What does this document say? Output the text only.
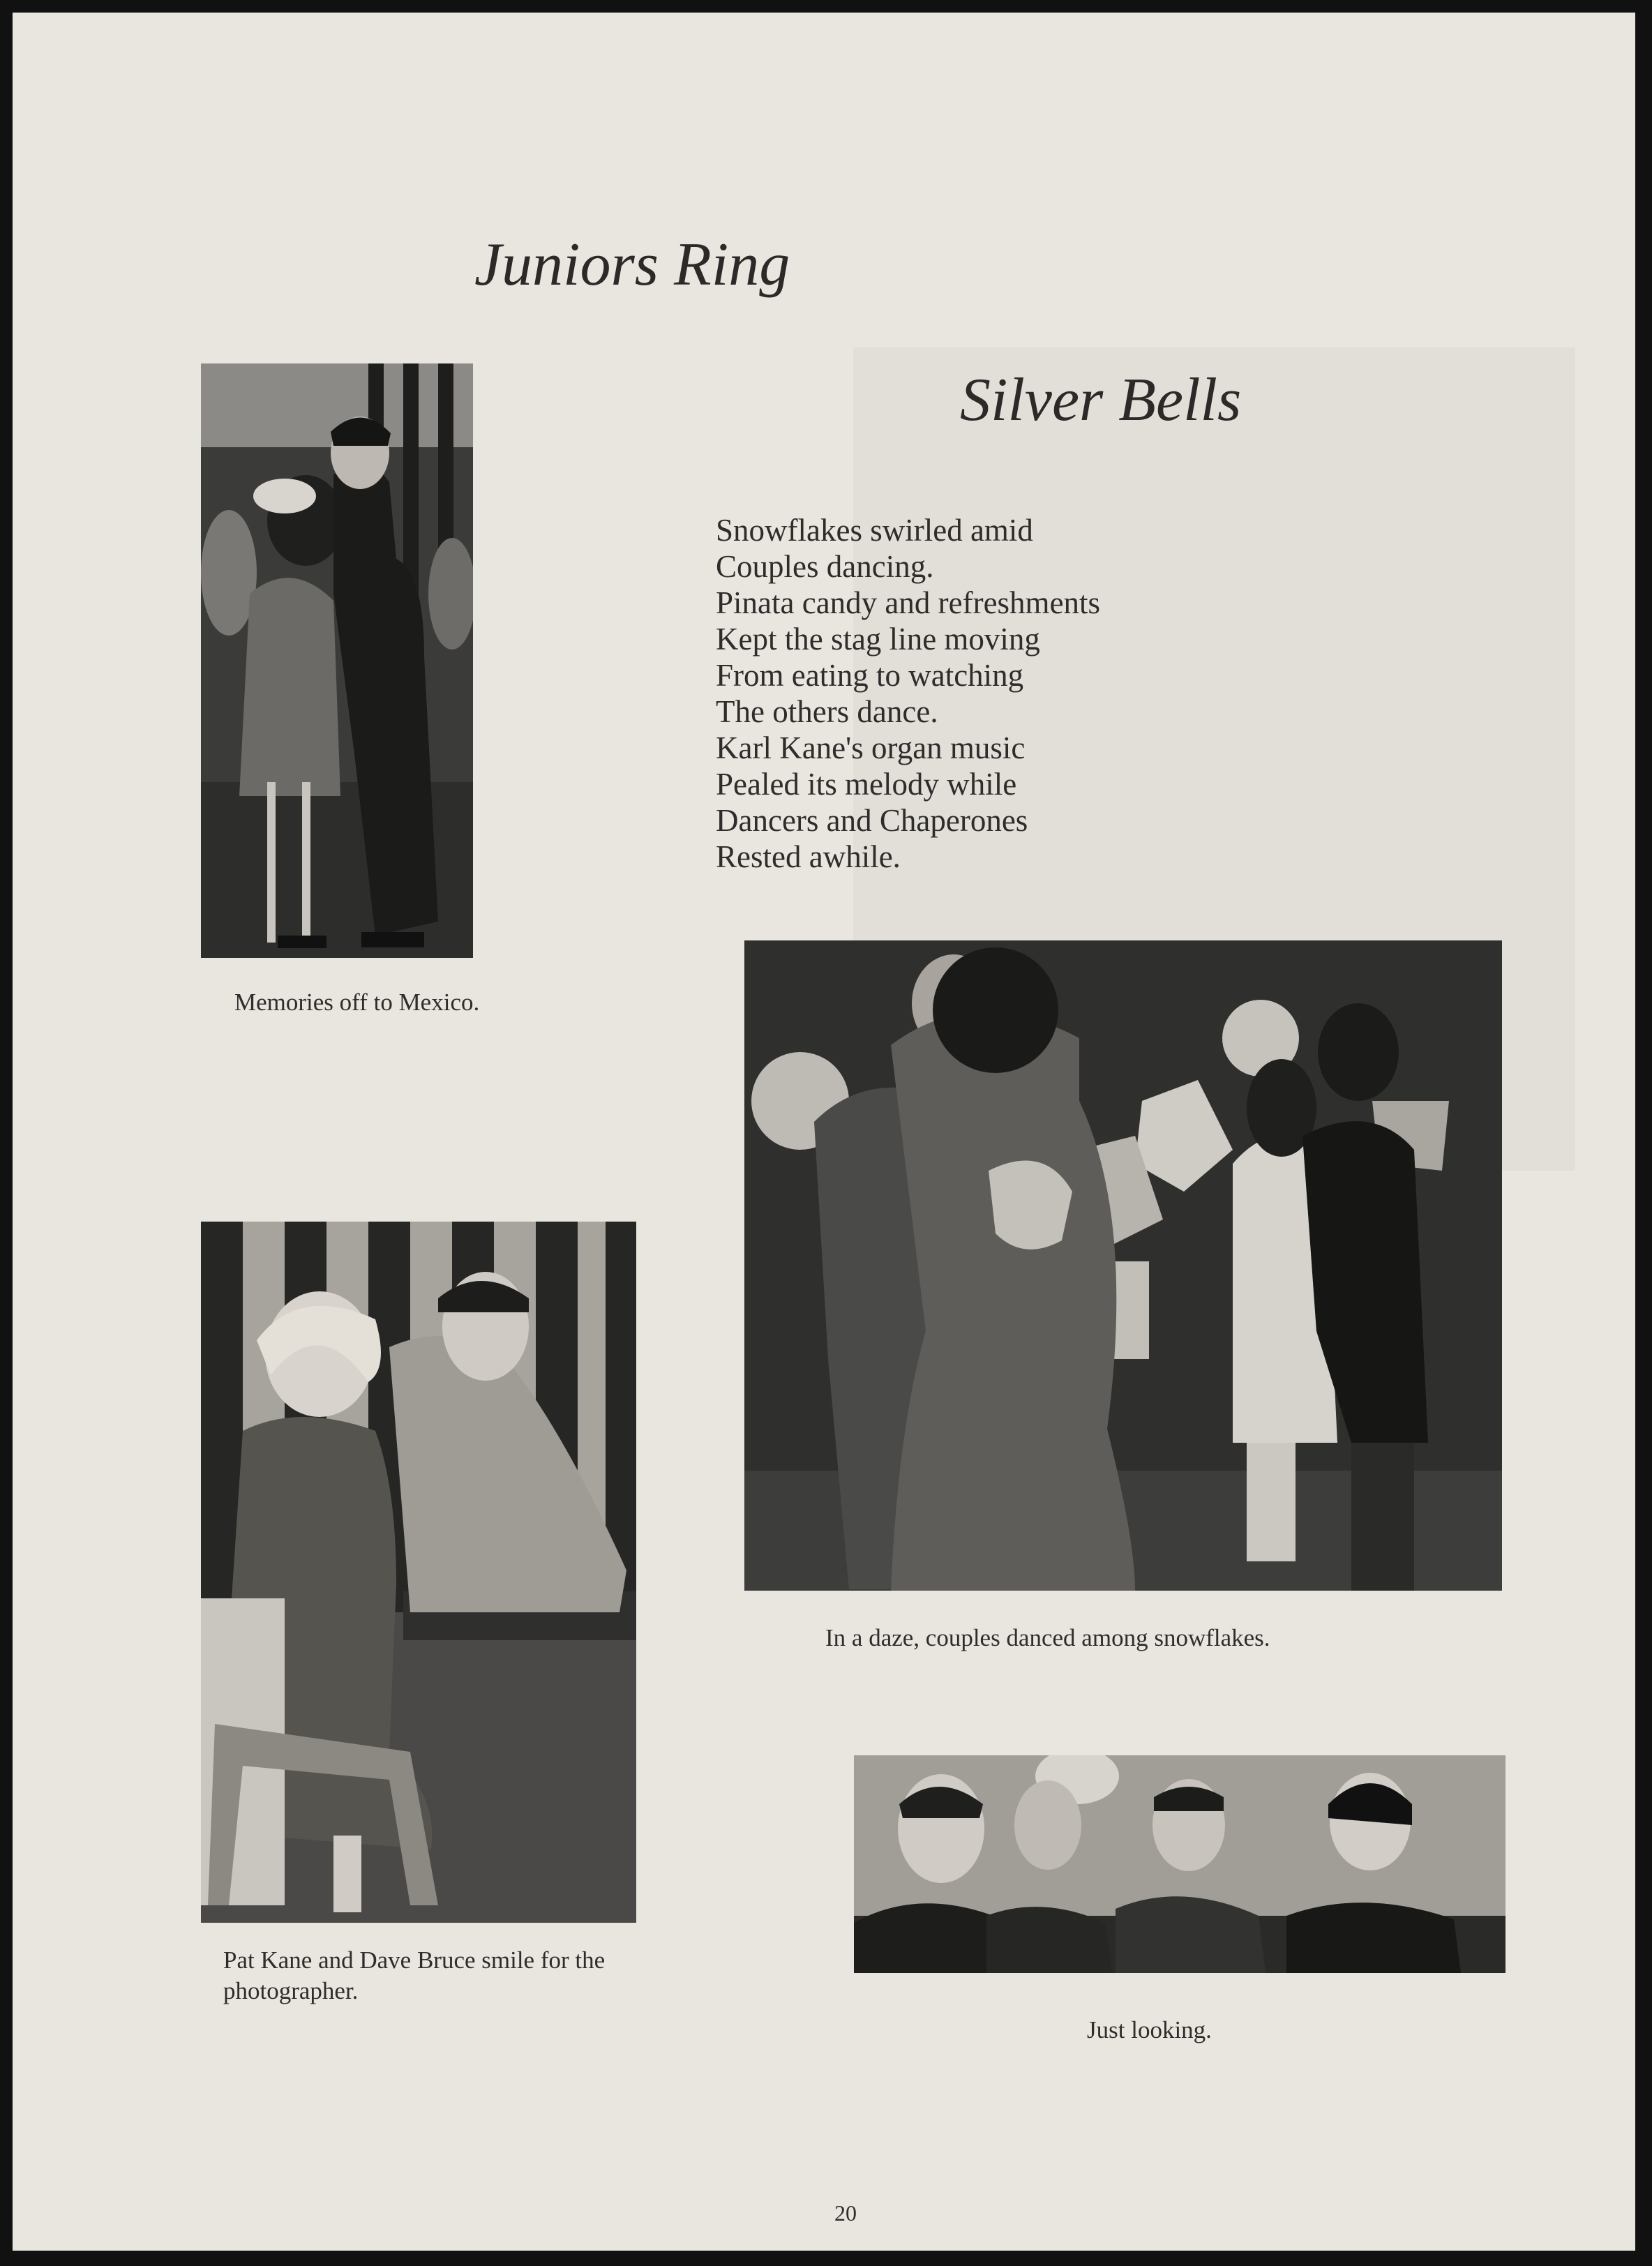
Juniors Ring
Silver Bells
Snowflakes swirled amid
Couples dancing.
Pinata candy and refreshments
Kept the stag line moving
From eating to watching
The others dance.
Karl Kane's organ music
Pealed its melody while
Dancers and Chaperones
Rested awhile.
Memories off to Mexico.
In a daze, couples danced among snowflakes.
Pat Kane and Dave Bruce smile for the photographer.
Just looking.
20
